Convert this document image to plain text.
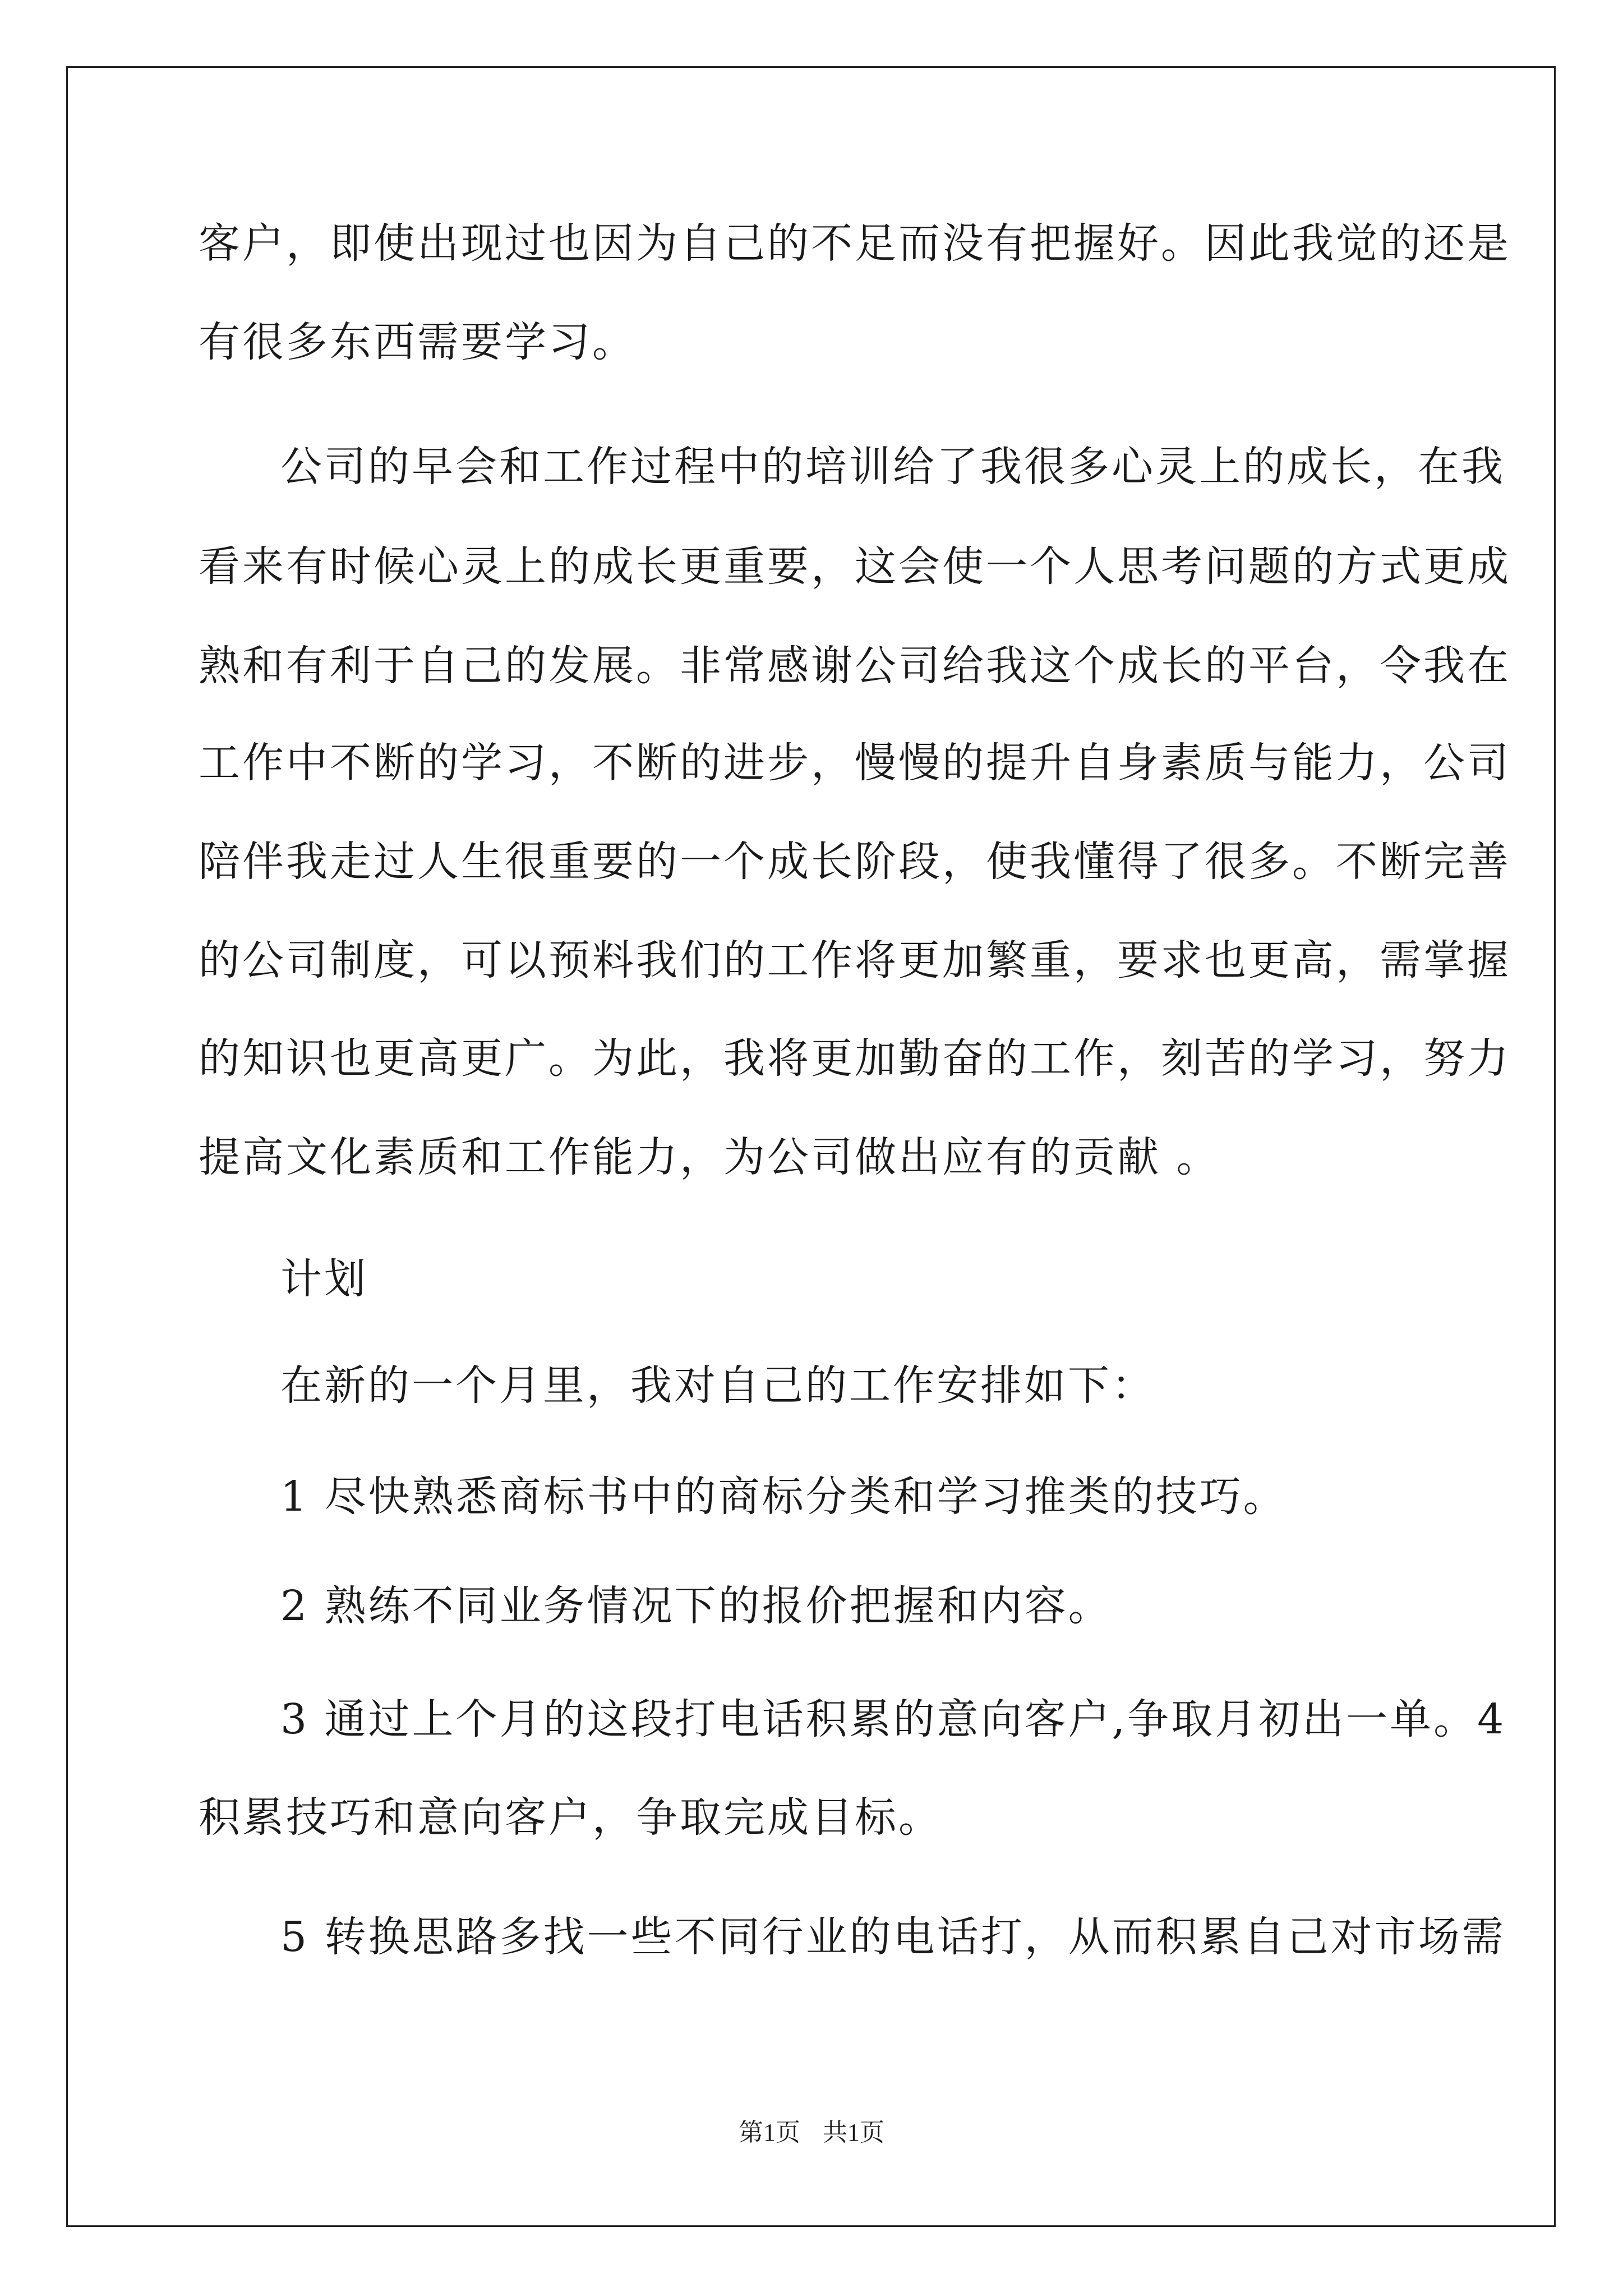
客户，即使出现过也因为自己的不足而没有把握好。因此我觉的还是
有很多东西需要学习。
公司的早会和工作过程中的培训给了我很多心灵上的成长，在我
看来有时候心灵上的成长更重要，这会使一个人思考问题的方式更成
熟和有利于自己的发展。非常感谢公司给我这个成长的平台，令我在
工作中不断的学习，不断的进步，慢慢的提升自身素质与能力，公司
陪伴我走过人生很重要的一个成长阶段，使我懂得了很多。不断完善
的公司制度，可以预料我们的工作将更加繁重，要求也更高，需掌握
的知识也更高更广。为此，我将更加勤奋的工作，刻苦的学习，努力
提高文化素质和工作能力，为公司做出应有的贡献 。
计划
在新的一个月里，我对自己的工作安排如下：
1 尽快熟悉商标书中的商标分类和学习推类的技巧。
2 熟练不同业务情况下的报价把握和内容。
3 通过上个月的这段打电话积累的意向客户,争取月初出一单。4
积累技巧和意向客户，争取完成目标。
5 转换思路多找一些不同行业的电话打，从而积累自己对市场需
第1页 共1页
